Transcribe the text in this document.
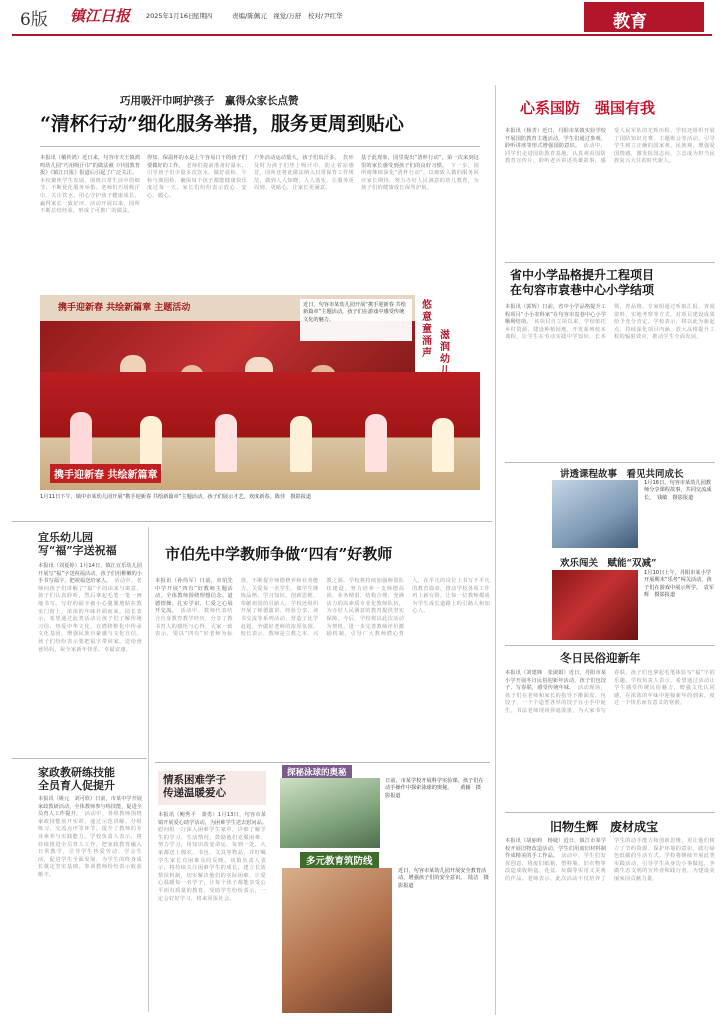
6版 镇江日报 2025年1月16日
星期四	责编/陈佩元　视觉/万舒　校对/尹红华	教育
巧用吸汗巾呵护孩子　赢得众家长点赞
“清杯行动”细化服务举措，服务更周到贴心
本报讯（戴传鸿）近日来，句容市天王镇鸿鸣幼儿园“巧用吸汗巾”的做法被《中国教育报》《镇江日报》报道后引起了广泛关注。　本校聚焦学生发展，围绕日常生活中的细节，不断优化服务举措。老师们巧用吸汗巾、关注饮水，用心守护孩子健康成长，赢得家长一致好评。活动开展以来，园所不断总结经验，形成了可推广的做法。
得知，保温杯的水是上午容易口干的孩子们要做好的工作。　老师们提前准备好温水，引导孩子们少量多次饮水，做好晨检、午检与离园检，确保每个孩子都能健康快乐度过每一天。家长们纷纷表示放心、安心、暖心。
户外活动运动量大，孩子们出汗多。　教师及时为孩子们垫上吸汗巾，防止着凉感冒。园所还将此做法纳入日常保育工作规范，做到人人知晓、人人落实，让服务更周到、更贴心，让家长更满意。
基于此现象，园里提出“清杯行动”，第一次来到这里的家长感受到孩子们的良好习惯。　下一步，园所将继续深化“清杯行动”，以细致入微的服务回应家长期待，努力办好人民满意的幼儿教育，为孩子们的健康成长保驾护航。
携手迎新春 共绘新篇章 主题活动	近日，句容市某幼儿园开展“携手迎新春 共绘新篇章”主题活动，孩子们在游戏中感受传统文化的魅力。
悠意童涌声
滋润幼
携手迎新春 共绘新篇章
1月11日下午，镇中市某幼儿园开展“携手迎新春 共绘新篇章”主题活动，孩子们展示才艺，欢度新春。陈佳　摄影报道
宜乐幼儿园
写“福”字送祝福
本报讯（刘夏婷）1月14日，镇江宜乐幼儿园开展写“福”字送祝福活动，孩子们用稚嫩的小手书写福字，把祝福送给家人。　活动中，老师向孩子们讲解了“福”字的由来与寓意，孩子们认真聆听，然后拿起毛笔一笔一画地书写。写好的福字被小心翼翼地贴在教室门窗上，浓浓的年味扑面而来。园长表示，希望通过此类活动让孩子们了解传统习俗、热爱中华文化，在潜移默化中传承文化基因，增强民族自豪感与文化自信。孩子们纷纷表示要把福字带回家，送给爸爸妈妈，祝全家新年快乐、幸福安康。
家政教研练技能
全员育人促提升
本报讯（姚元　刘可欣）日前，市某中学开展家政教研活动，全体教师参与练技能，促进全员育人工作提升。　活动中，各组教师围绕家政技能展开实训，通过示范讲解、分组练习、交流点评等环节，提升了教师的专业素养与实践能力。学校负责人表示，将持续推进全员育人工作，把家政教育融入日常教学，引导学生热爱劳动、学会生活，促进学生全面发展，为学生的终身成长奠定坚实基础。参训教师纷纷表示收获颇丰。
市伯先中学教师争做“四有”好教师
本报讯（孙伟军）日前，市伯先中学开展“四有”好教师主题活动，全体教师围绕理想信念、道德情操、扎实学识、仁爱之心展开交流。　活动中，教师代表结合自身教育教学经历，分享了教书育人的感悟与心得。大家一致表示，要以“四有”好老师为标准，不断提升师德修养和业务能力，关爱每一名学生，做学生锤炼品格、学习知识、创新思维、奉献祖国的引路人。学校还组织开展了师德演讲、经验分享、读书交流等系列活动，营造了比学赶超、争做好老师的浓厚氛围。校长表示，教师是立教之本、兴教之源，学校将持续加强师资队伍建设，努力培养一支师德高尚、业务精湛、结构合理、充满活力的高素质专业化教师队伍，为办好人民满意的教育提供坚实保障。今后，学校将以此次活动为契机，进一步完善教师评价激励机制，引导广大教师潜心育人，在平凡的岗位上书写不平凡的教育篇章，推动学校各项工作再上新台阶，让每一位教师都成为学生成长道路上的引路人和知心人。
情系困难学子
传递温暖爱心
本报讯（鲍秀平　萧勇）1月13日，句容市某镇开展爱心助学活动，为困难学生送去慰问品。　慰问组一行深入困难学生家中，详细了解学生的学习、生活情况，鼓励他们克服困难、努力学习，用知识改变命运。每到一处，大家都送上棉衣、书包、文具等物品，并叮嘱学生家长有困难及时反映。该镇负责人表示，将持续关注困难学生的成长，建立长效帮扶机制，切实解决他们的实际困难，让爱心温暖每一名学子，让每个孩子都能享受公平而有质量的教育。受助学生纷纷表示，一定会好好学习，将来回报社会。
探秘泳球的奥秘
日前，市某学校开展科学实验课，孩子们在动手操作中探索泳球的奥秘。　　黄颖　摄影报道
多元教育筑防线
近日，句容市某幼儿园开展安全教育活动，增强孩子们的安全意识。　陆洁　摄影报道
心系国防　强国有我
本报讯（杨青）近日，丹阳市某镇实验学校开展国防教育主题活动，学生们通过参观、聆听讲座等形式增强国防意识。　活动中，同学们走进国防教育基地，认真观看国防教育宣传片，聆听老兵讲述英雄故事，感受人民军队的光辉历程。学校还组织开展了国防知识竞赛、主题班会等活动，引导学生树立正确的国家观、民族观，增强爱国情感，激发报国志向，立志成为担当民族复兴大任的时代新人。
省中小学品格提升工程项目
在句容市袁巷中心小学结项
本报讯（郭辉）日前，省中小学品格提升工程项目“小小农科家”在句容市袁巷中心小学顺利结项。　该项目自立项以来，学校依托乡村资源，建设种植园地，开发系列校本课程，让学生在劳动实践中学知识、长本领、育品格。专家组通过听取汇报、查阅资料、实地考察等方式，对项目建设成果给予充分肯定。学校表示，将以此为新起点，持续深化项目内涵，放大品格提升工程的辐射效应，推动学生全面发展。
讲透课程故事　看见共同成长
1月16日，句容市某幼儿园教师分享课程故事，共同交流成长。　钱敏　摄影报道
欢乐闯关　赋能“双减”
1月10日上午，丹阳市某小学开展期末“乐考”闯关活动，孩子们在游戏中展示所学。　袁军辉　摄影报道
冬日民俗迎新年
本报讯（刘建锋　张淑娟）近日，丹阳市某小学开展冬日民俗迎新年活动，孩子们包饺子、写春联，感受传统年味。　活动现场，孩子们在老师和家长的指导下擀面皮、包饺子，一个个造型各异的饺子在小手中诞生。书法老师现场挥毫泼墨，为大家书写春联，孩子们也拿起毛笔体验写“福”字的乐趣。学校负责人表示，希望通过活动让学生感受传统民俗魅力，增强文化认同感，在浓浓的年味中迎接新年的到来，度过一个快乐而有意义的寒假。
旧物生辉　废材成宝
本报讯（胡丽莉　杨婕）近日，镇江市某学校开展旧物改造活动，学生们用废旧材料制作成精美的手工作品。　活动中，学生们发挥创意，将废旧纸箱、塑料瓶、旧衣物等改造成收纳盒、花盆、玩偶等实用又美观的作品。老师表示，此次活动不仅培养了学生的动手能力和创新思维，更让他们树立了节约资源、保护环境的意识，践行绿色低碳的生活方式。学校将继续开展此类实践活动，引导学生从身边小事做起，争做生态文明的宣传者和践行者，为建设美丽家园贡献力量。
